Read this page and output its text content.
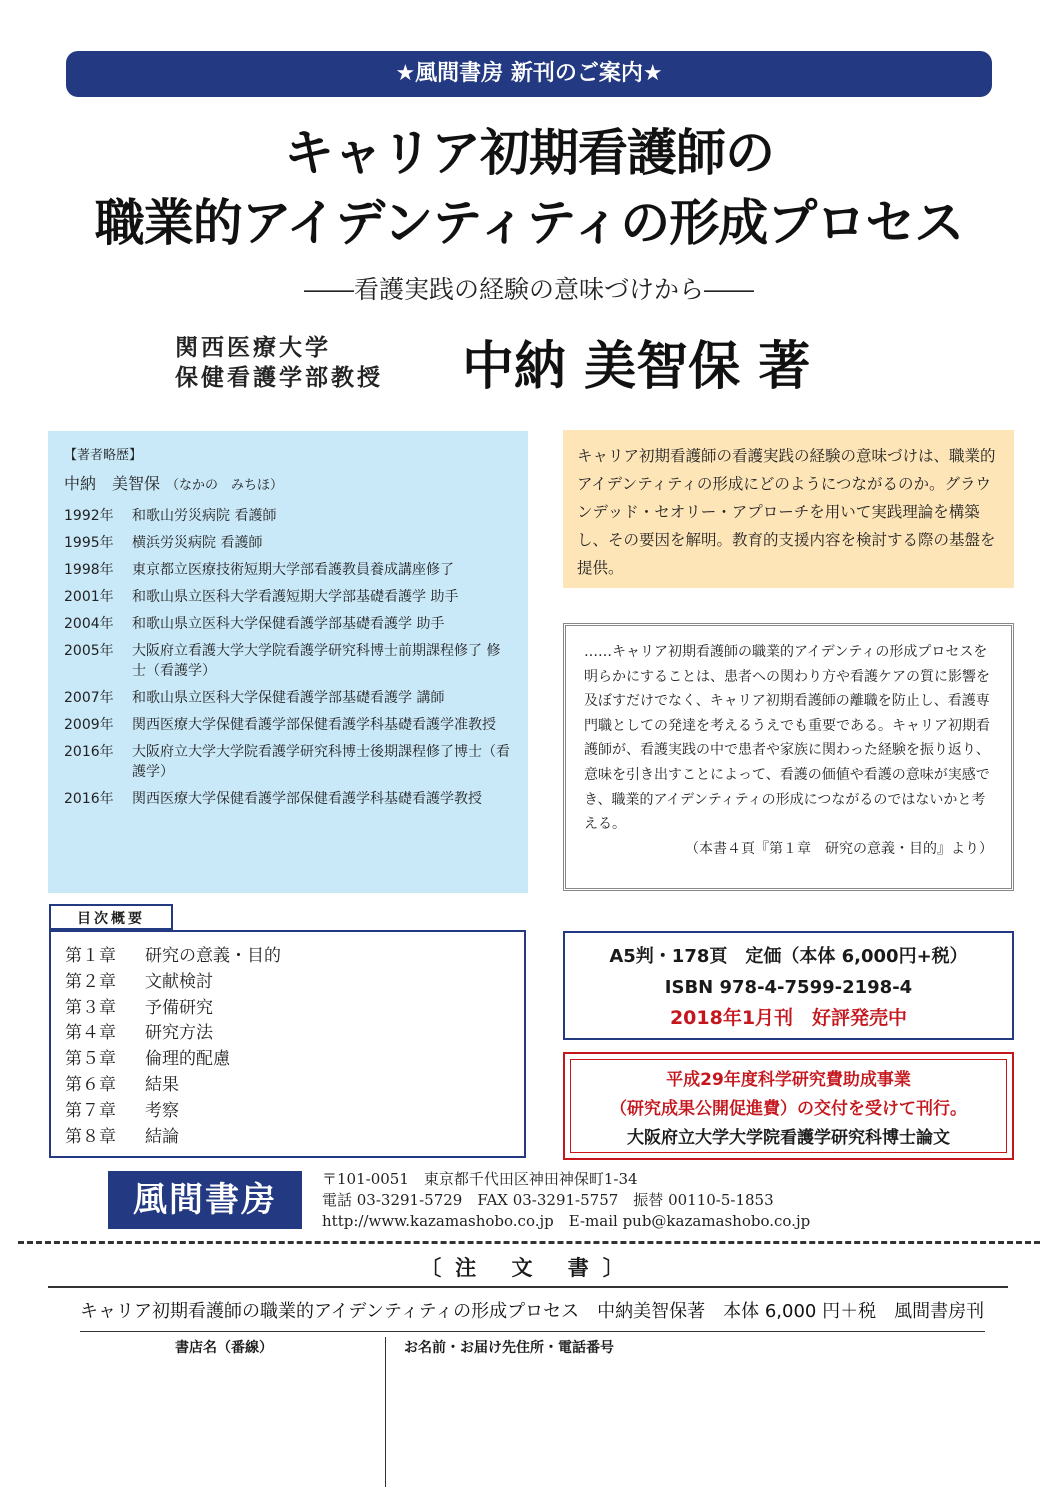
★風間書房 新刊のご案内★
キャリア初期看護師の
職業的アイデンティティの形成プロセス
――看護実践の経験の意味づけから――
関西医療大学
保健看護学部教授 中納 美智保 著
【著者略歴】
中納　美智保 （なかの　みちほ）
1992年	和歌山労災病院 看護師
1995年	横浜労災病院 看護師
1998年	東京都立医療技術短期大学部看護教員養成講座修了
2001年	和歌山県立医科大学看護短期大学部基礎看護学 助手
2004年	和歌山県立医科大学保健看護学部基礎看護学 助手
2005年	大阪府立看護大学大学院看護学研究科博士前期課程修了 修士（看護学）
2007年	和歌山県立医科大学保健看護学部基礎看護学 講師
2009年	関西医療大学保健看護学部保健看護学科基礎看護学准教授
2016年	大阪府立大学大学院看護学研究科博士後期課程修了博士（看護学）
2016年	関西医療大学保健看護学部保健看護学科基礎看護学教授
キャリア初期看護師の看護実践の経験の意味づけは、職業的アイデンティティの形成にどのようにつながるのか。グラウンデッド・セオリー・アプローチを用いて実践理論を構築し、その要因を解明。教育的支援内容を検討する際の基盤を提供。
……キャリア初期看護師の職業的アイデンティの形成プロセスを明らかにすることは、患者への関わり方や看護ケアの質に影響を及ぼすだけでなく、キャリア初期看護師の離職を防止し、看護専門職としての発達を考えるうえでも重要である。キャリア初期看護師が、看護実践の中で患者や家族に関わった経験を振り返り、意味を引き出すことによって、看護の価値や看護の意味が実感でき、職業的アイデンティティの形成につながるのではないかと考える。
（本書４頁『第１章　研究の意義・目的』より）
目次概要
第１章	研究の意義・目的
第２章	文献検討
第３章	予備研究
第４章	研究方法
第５章	倫理的配慮
第６章	結果
第７章	考察
第８章	結論
A5判・178頁　定価（本体 6,000円+税）
ISBN 978-4-7599-2198-4
2018年1月刊　好評発売中
平成29年度科学研究費助成事業
（研究成果公開促進費）の交付を受けて刊行。
大阪府立大学大学院看護学研究科博士論文
風間書房
〒101-0051　東京都千代田区神田神保町1-34
電話 03-3291-5729　FAX 03-3291-5757　振替 00110-5-1853
http://www.kazamashobo.co.jp　E-mail pub@kazamashobo.co.jp
〔注 文 書〕
キャリア初期看護師の職業的アイデンティティの形成プロセス　中納美智保著　本体 6,000 円＋税　風間書房刊
書店名（番線）	お名前・お届け先住所・電話番号
